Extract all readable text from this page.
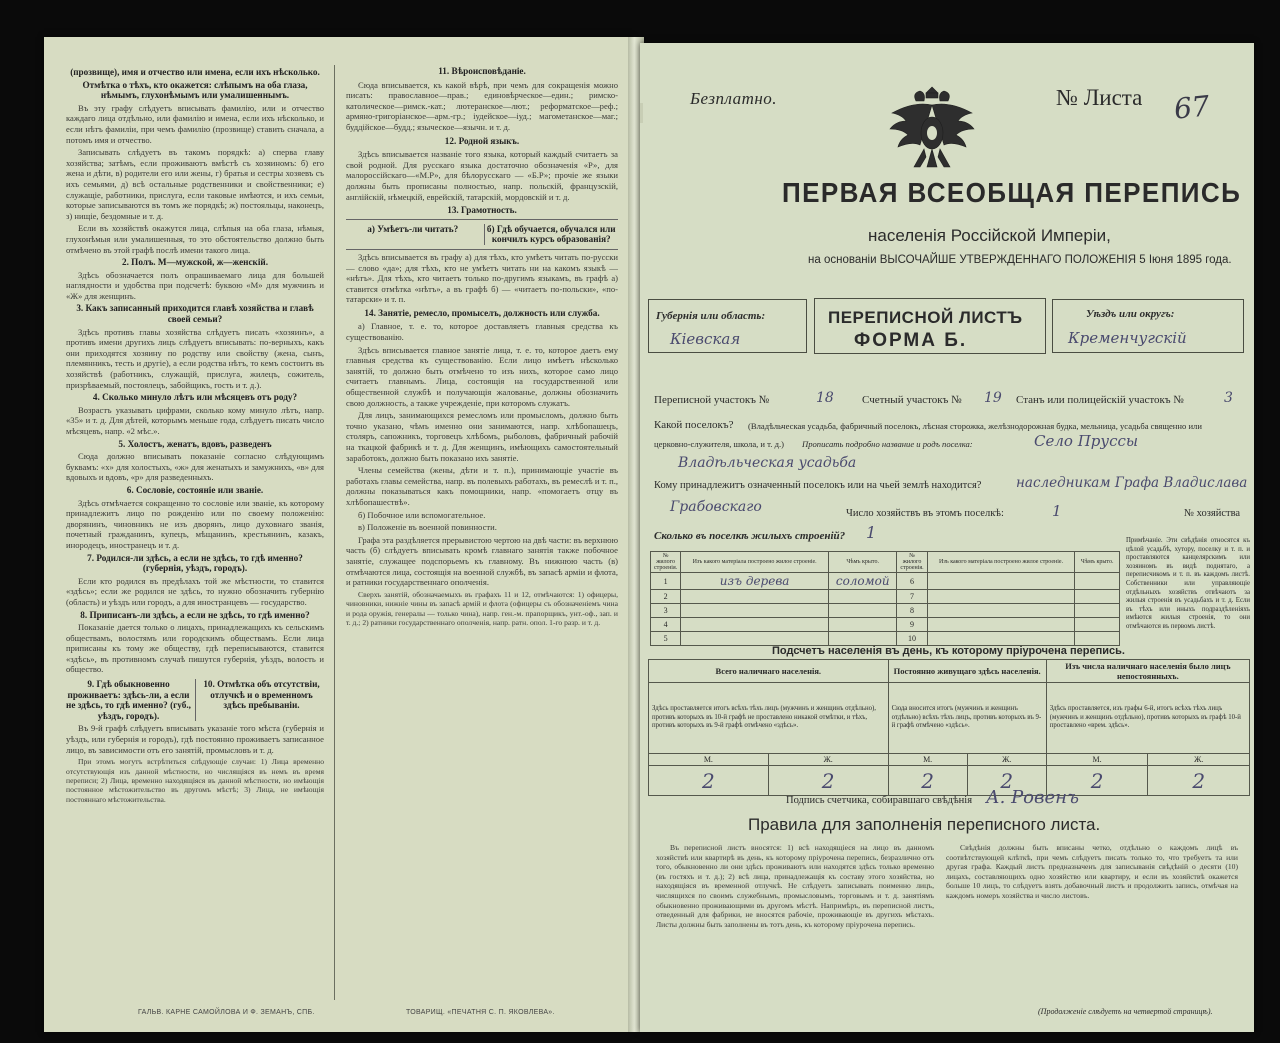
(прозвище), имя и отчество или имена, если ихъ нѣсколько.
Отмѣтка о тѣхъ, кто окажется: слѣпымъ на оба глаза, нѣмымъ, глухонѣмымъ или умалишеннымъ.

Въ эту графу слѣдуетъ вписывать фамилію, или и отчество каждаго лица отдѣльно, или фамилію и имена, если ихъ нѣсколько, и если нѣтъ фамиліи, при чемъ фамилію (прозвище) ставить сначала, а потомъ имя и отчество.

Записывать слѣдуетъ въ такомъ порядкѣ: а) сперва главу хозяйства; затѣмъ, если проживаютъ вмѣстѣ съ хозяиномъ: б) его жена и дѣти, в) родители его или жены, г) братья и сестры хозяевъ съ ихъ семьями, д) всѣ остальные родственники и свойственники; е) служащіе, работники, прислуга, если таковые имѣются, и ихъ семьи, которые записываются въ томъ же порядкѣ; ж) постояльцы, наконецъ, з) нищіе, бездомные и т. д.

Если въ хозяйствѣ окажутся лица, слѣпыя на оба глаза, нѣмыя, глухонѣмыя или умалишенныя, то это обстоятельство должно быть отмѣчено въ этой графѣ послѣ имени такого лица.

2. Полъ. М—мужской, ж—женскій.

Здѣсь обозначается полъ опрашиваемаго лица для большей наглядности и удобства при подсчетѣ: буквою «М» для мужчинъ и «Ж» для женщинъ.

3. Какъ записанный приходится главѣ хозяйства и главѣ своей семьи?

Здѣсь противъ главы хозяйства слѣдуетъ писать «хозяинъ», а противъ имени другихъ лицъ слѣдуетъ вписывать: по-верныхъ, какъ они приходятся хозяину по родству или свойству (жена, сынъ, племянникъ, тесть и другіе), а если родства нѣтъ, то кемъ состоитъ въ хозяйствѣ (работникъ, служащій, прислуга, жилецъ, сожитель, призрѣваемый, постоялецъ, забойщикъ, гость и т. д.).

4. Сколько минуло лѣтъ или мѣсяцевъ отъ роду?

Возрастъ указывать цифрами, сколько кому минуло лѣтъ, напр. «35» и т. д. Для дѣтей, которымъ меньше года, слѣдуетъ писать число мѣсяцевъ, напр. «2 мѣс.».

5. Холостъ, женатъ, вдовъ, разведенъ

Сюда должно вписывать показаніе согласно слѣдующимъ буквамъ: «х» для холостыхъ, «ж» для женатыхъ и замужнихъ, «в» для вдовыхъ и вдовъ, «р» для разведенныхъ.

6. Сословіе, состояніе или званіе.

Здѣсь отмѣчается сокращенно то сословіе или званіе, къ которому принадлежитъ лицо по рожденію или по своему положенію: дворянинъ, чиновникъ не изъ дворянъ, лицо духовнаго званія, почетный гражданинъ, купецъ, мѣщанинъ, крестьянинъ, казакъ, инородецъ, иностранецъ и т. д.

7. Родился-ли здѣсь, а если не здѣсь, то гдѣ именно? (губернія, уѣздъ, городъ).

Если кто родился въ предѣлахъ той же мѣстности, то ставится «здѣсь»; если же родился не здѣсь, то нужно обозначить губернію (область) и уѣздъ или городъ, а для иностранцевъ — государство.

8. Приписанъ-ли здѣсь, а если не здѣсь, то гдѣ именно?

Показаніе дается только о лицахъ, принадлежащихъ къ сельскимъ обществамъ, волостямъ или городскимъ обществамъ. Если лица приписаны къ тому же обществу, гдѣ переписываются, ставится «здѣсь», въ противномъ случаѣ пишутся губернія, уѣздъ, волость и общество.

9. Гдѣ обыкновенно проживаетъ: здѣсь-ли, а если не здѣсь, то гдѣ именно? (губ., уѣздъ, городъ).
10. Отмѣтка объ отсутствіи, отлучкѣ и о временномъ здѣсь пребываніи.

Въ 9-й графѣ слѣдуетъ вписывать указаніе того мѣста (губернія и уѣздъ, или губернія и городъ), гдѣ постоянно проживаетъ записанное лицо, въ зависимости отъ его занятій, промысловъ и т. д.

При этомъ могутъ встрѣтиться слѣдующіе случаи: 1) Лица временно отсутствующія изъ данной мѣстности, но числящіяся въ немъ въ время переписи; 2) Лица, временно находящіяся въ данной мѣстности, но имѣющія постоянное мѣстожительство въ другомъ мѣстѣ; 3) Лица, не имѣющія постояннаго мѣстожительства.

11. Вѣроисповѣданіе.

Сюда вписывается, къ какой вѣрѣ, при чемъ для сокращенія можно писать: православное—прав.; единовѣрческое—един.; римско-католическое—римск.-кат.; лютеранское—лют.; реформатское—реф.; армяно-григоріанское—арм.-гр.; іудейское—іуд.; магометанское—маг.; буддійское—будд.; языческое—язычн. и т. д.

12. Родной языкъ.

Здѣсь вписывается названіе того языка, который каждый считаетъ за свой родной. Для русскаго языка достаточно обозначенія «Р», для малороссійскаго—«М.Р», для бѣлорусскаго — «Б.Р»; прочіе же языки должны быть прописаны полностью, напр. польскій, французскій, англійскій, нѣмецкій, еврейскій, татарскій, мордовскій и т. д.

13. Грамотность.
а) Умѣетъ-ли читать?	б) Гдѣ обучается, обучался или кончилъ курсъ образованія?

Здѣсь вписывается въ графу а) для тѣхъ, кто умѣетъ читать по-русски — слово «да»; для тѣхъ, кто не умѣетъ читать ни на какомъ языкѣ — «нѣтъ». Для тѣхъ, кто читаетъ только по-другимъ языкамъ, въ графѣ а) ставится отмѣтка «нѣтъ», а въ графѣ б) — «читаетъ по-польски», «по-татарски» и т. п.

14. Занятіе, ремесло, промыселъ, должность или служба.

а) Главное, т. е. то, которое доставляетъ главныя средства къ существованію.

Здѣсь вписывается главное занятіе лица, т. е. то, которое даетъ ему главныя средства къ существованію. Если лицо имѣетъ нѣсколько занятій, то должно быть отмѣчено то изъ нихъ, которое само лицо считаетъ главнымъ. Лица, состоящія на государственной или общественной службѣ и получающія жалованье, должны обозначить свою должность, а также учрежденіе, при которомъ служатъ.

Для лицъ, занимающихся ремесломъ или промысломъ, должно быть точно указано, чѣмъ именно они занимаются, напр. хлѣбопашецъ, столяръ, сапожникъ, торговецъ хлѣбомъ, рыболовъ, фабричный рабочій на ткацкой фабрикѣ и т. д. Для женщинъ, имѣющихъ самостоятельный заработокъ, должно быть показано ихъ занятіе.

Члены семейства (жены, дѣти и т. п.), принимающіе участіе въ работахъ главы семейства, напр. въ полевыхъ работахъ, въ ремеслѣ и т. п., должны показываться какъ помощники, напр. «помогаетъ отцу въ хлѣбопашествѣ».

б) Побочное или вспомогательное.

в) Положеніе въ военной повинности.

Графа эта раздѣляется прерывистою чертою на двѣ части: въ верхнюю часть (б) слѣдуетъ вписывать кромѣ главнаго занятія также побочное занятіе, служащее подспорьемъ къ главному. Въ нижнюю часть (в) отмѣчаются лица, состоящія на военной службѣ, въ запасѣ арміи и флота, и ратники государственнаго ополченія.

Сверхъ занятій, обозначаемыхъ въ графахъ 11 и 12, отмѣчаются: 1) офицеры, чиновники, нижніе чины въ запасѣ армій и флота (офицеры съ обозначеніемъ чина и рода оружія, генералы — только чина), напр. ген.-м. прапорщикъ, унт.-оф., зап. и т. д.; 2) ратники государственнаго ополченія, напр. ратн. опол. 1-го разр. и т. д.

ГАЛЬВ. КАРНЕ САМОЙЛОВА И Ф. ЗЕМАНЪ, СПБ.	ТОВАРИЩ. «ПЕЧАТНЯ С. П. ЯКОВЛЕВА».
Безплатно.	№ Листа 67
ПЕРВАЯ ВСЕОБЩАЯ ПЕРЕПИСЬ
населенія Россійской Имперіи,
на основаніи ВЫСОЧАЙШЕ УТВЕРЖДЕННАГО ПОЛОЖЕНІЯ 5 Іюня 1895 года.
Губернія или область:
Кіевская
ПЕРЕПИСНОЙ ЛИСТЪ
ФОРМА Б.
Уѣздъ или округъ:
Кременчугскій
Переписной участокъ №	18	Счетный участокъ № 19 Станъ или полицейскій участокъ №	3
Какой поселокъ? (Владѣльческая усадьба, фабричный поселокъ, лѣсная сторожка, желѣзнодорожная будка, мельница, усадьба священно или
церковно-служителя, школа, и т. д.) Прописать подробно название и родъ поселка:	Село Пруссы
Владѣльческая усадьба
Кому принадлежитъ означенный поселокъ или на чьей землѣ находится?	наследникам Графа Владислава
Грабовскаго	Число хозяйствъ въ этомъ поселкѣ:	1	№ хозяйства
Сколько въ поселкѣ жилыхъ строеній? 1
№ жилого строенія.	Изъ какого матеріала построено жилое строеніе.	Чѣмъ крыто.	№ жилого строенія.	Изъ какого матеріала построено жилое строеніе.	Чѣмъ крыто.
1	изъ дерева	соломой	6		
2			7		
3			8		
4			9		
5			10		
Примѣчаніе. Эти свѣдѣнія относятся къ цѣлой усадьбѣ, хутору, поселку и т. п. и проставляются канцелярскимъ или хозяиномъ въ видѣ поднятаго, а переписчикомъ и т. п. въ каждомъ листѣ. Собственники или управляющіе отдѣльныхъ хозяйствъ отвѣчаютъ за жилыя строенія въ усадьбахъ и т. д. Если въ тѣхъ или иныхъ подраздѣленіяхъ имѣются жилыя строенія, то они отмѣчаются въ первомъ листѣ.
Подсчетъ населенія въ день, къ которому пріурочена перепись.
Всего наличнаго населенія.		Постоянно живущаго здѣсь населенія.		Изъ числа наличнаго населенія было лицъ непостоянныхъ.	
Здѣсь проставляется итогъ всѣхъ тѣхъ лицъ (мужчинъ и женщинъ отдѣльно), противъ которыхъ въ 10-й графѣ не проставлено никакой отмѣтки, и тѣхъ, противъ которыхъ въ 9-й графѣ отмѣчено «здѣсь».		Сюда вносится итогъ (мужчинъ и женщинъ отдѣльно) всѣхъ тѣхъ лицъ, противъ которыхъ въ 9-й графѣ отмѣчено «здѣсь».		Здѣсь проставляется, изъ графы 6-й, итогъ всѣхъ тѣхъ лицъ (мужчинъ и женщинъ отдѣльно), противъ которыхъ въ графѣ 10-й проставлено «врем. здѣсь».	
М.	Ж.	М.	Ж.	М.	Ж.
2	2	2	2	2	2
Подпись счетчика, собиравшаго свѣдѣнія А. Ровенъ
Правила для заполненія переписного листа.
Въ переписной листъ вносятся: 1) всѣ находящіеся на лицо въ данномъ хозяйствѣ или квартирѣ въ день, къ которому пріурочена перепись, безразлично отъ того, обыкновенно ли они здѣсь проживаютъ или находятся здѣсь только временно (въ гостяхъ и т. д.); 2) всѣ лица, принадлежащія къ составу этого хозяйства, но находящіяся въ временной отлучкѣ. Не слѣдуетъ записывать поименно лицъ, числящихся по своимъ служебнымъ, промысловымъ, торговымъ и т. д. занятіямъ обыкновенно проживающими въ другомъ мѣстѣ. Напримѣръ, въ переписной листъ, отведенный для фабрики, не вносятся рабочіе, проживающіе въ другихъ мѣстахъ. Листы должны быть заполнены въ тотъ день, къ которому пріурочена перепись.
Свѣдѣнія должны быть вписаны четко, отдѣльно о каждомъ лицѣ въ соотвѣтствующей клѣткѣ, при чемъ слѣдуетъ писать только то, что требуетъ та или другая графа. Каждый листъ предназначенъ для записыванія свѣдѣній о десяти (10) лицахъ, составляющихъ одно хозяйство или квартиру, и если въ хозяйствѣ окажется больше 10 лицъ, то слѣдуетъ взять добавочный листъ и продолжить запись, отмѣчая на каждомъ номеръ хозяйства и число листовъ.
(Продолженіе слѣдуетъ на четвертой страницѣ).
